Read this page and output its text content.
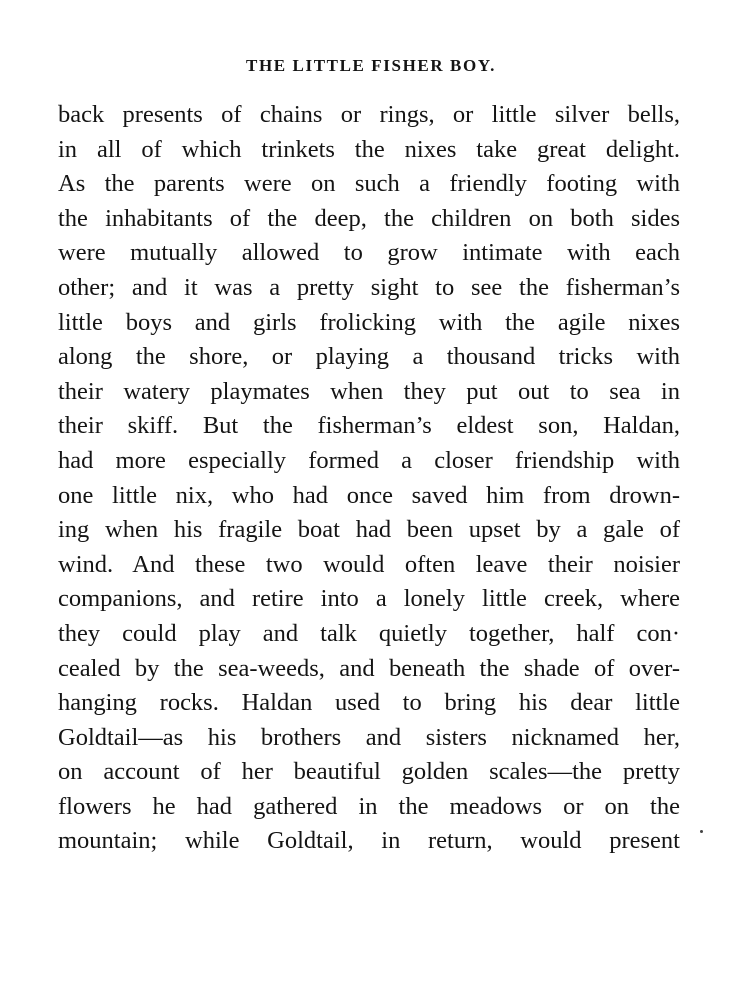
THE LITTLE FISHER BOY.
back presents of chains or rings, or little silver bells,
in all of which trinkets the nixes take great delight.
As the parents were on such a friendly footing with
the inhabitants of the deep, the children on both sides
were mutually allowed to grow intimate with each
other; and it was a pretty sight to see the fisherman’s
little boys and girls frolicking with the agile nixes
along the shore, or playing a thousand tricks with
their watery playmates when they put out to sea in
their skiff. But the fisherman’s eldest son, Haldan,
had more especially formed a closer friendship with
one little nix, who had once saved him from drown-
ing when his fragile boat had been upset by a gale of
wind. And these two would often leave their noisier
companions, and retire into a lonely little creek, where
they could play and talk quietly together, half con·
cealed by the sea-weeds, and beneath the shade of over-
hanging rocks. Haldan used to bring his dear little
Goldtail—as his brothers and sisters nicknamed her,
on account of her beautiful golden scales—the pretty
flowers he had gathered in the meadows or on the
mountain; while Goldtail, in return, would present
